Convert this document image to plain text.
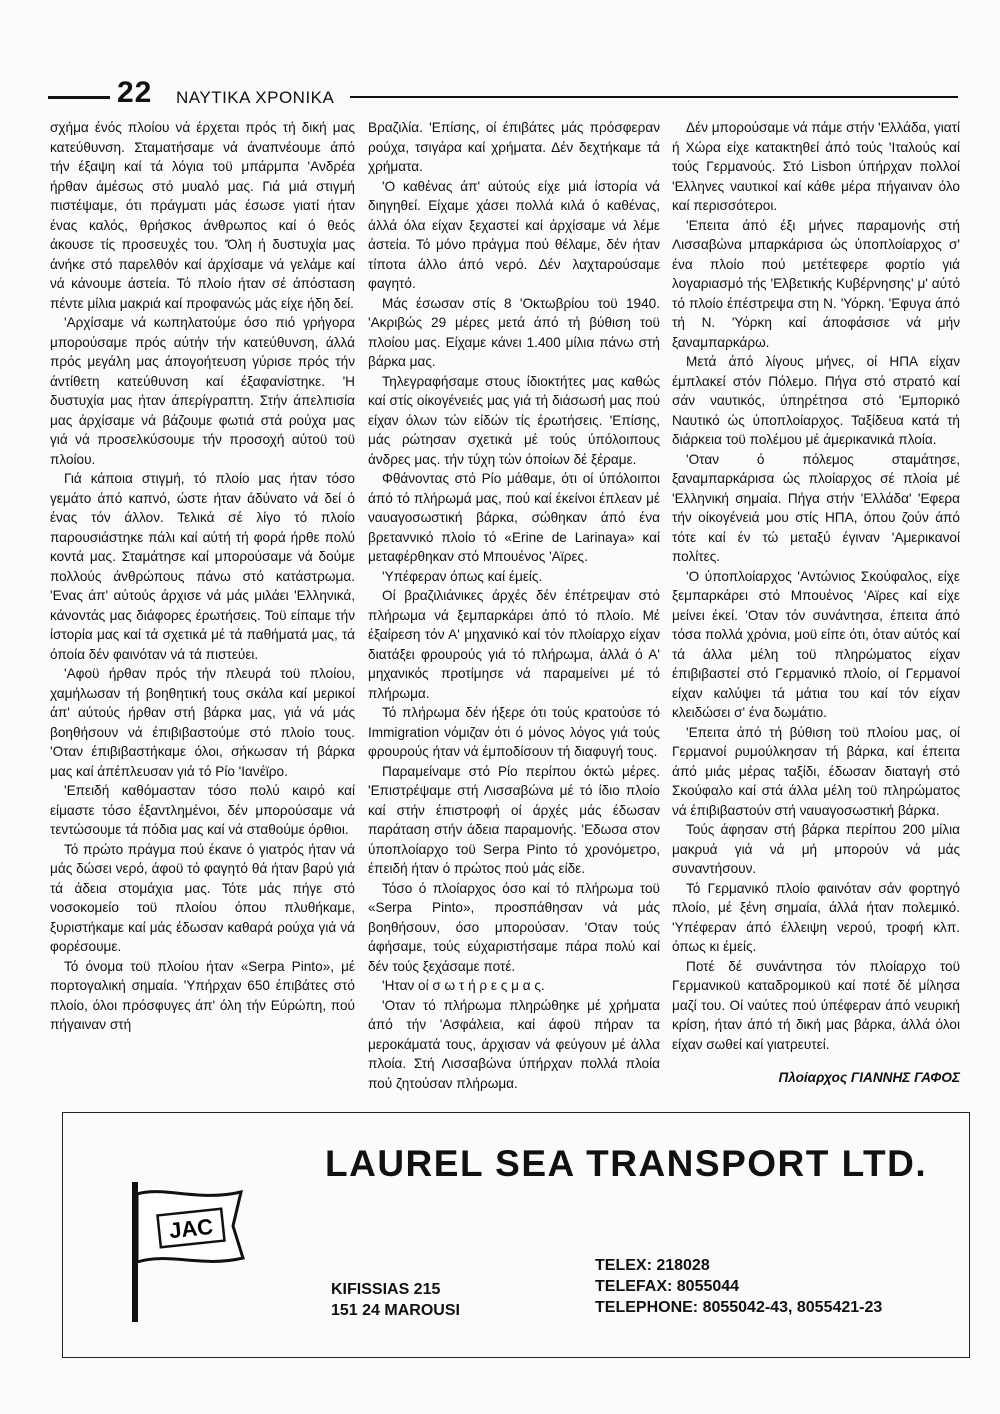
22 ΝΑΥΤΙΚΑ ΧΡΟΝΙΚΑ

σχήμα ένός πλοίου νά έρχεται πρός τή δική μας κατεύθυνση. Σταματήσαμε νά άναπνέουμε άπό τήν έξαψη καί τά λόγια τοϋ μπάρμπα 'Ανδρέα ήρθαν άμέσως στό μυαλό μας. Γιά μιά στιγμή πιστέψαμε, ότι πράγματι μάς έσωσε γιατί ήταν ένας καλός, θρήσκος άνθρωπος καί ό θεός άκουσε τίς προσευχές του. 'Όλη ή δυστυχία μας άνήκε στό παρελθόν καί άρχίσαμε νά γελάμε καί νά κάνουμε άστεία. Τό πλοίο ήταν σέ άπόσταση πέντε μίλια μακριά καί προφανώς μάς είχε ήδη δεί.

'Αρχίσαμε νά κωπηλατούμε όσο πιό γρήγορα μπορούσαμε πρός αύτήν τήν κατεύθυνση, άλλά πρός μεγάλη μας άπογοήτευση γύρισε πρός τήν άντίθετη κατεύθυνση καί έξαφανίστηκε. 'Η δυστυχία μας ήταν άπερίγραπτη. Στήν άπελπισία μας άρχίσαμε νά βάζουμε φωτιά στά ρούχα μας γιά νά προσελκύσουμε τήν προσοχή αύτοϋ τοϋ πλοίου.

Γιά κάποια στιγμή, τό πλοίο μας ήταν τόσο γεμάτο άπό καπνό, ώστε ήταν άδύνατο νά δεί ό ένας τόν άλλον. Τελικά σέ λίγο τό πλοίο παρουσιάστηκε πάλι καί αύτή τή φορά ήρθε πολύ κοντά μας. Σταμάτησε καί μπορούσαμε νά δούμε πολλούς άνθρώπους πάνω στό κατάστρωμα. 'Ενας άπ' αύτούς άρχισε νά μάς μιλάει 'Ελληνικά, κάνοντάς μας διάφορες έρωτήσεις. Τοϋ είπαμε τήν ίστορία μας καί τά σχετικά μέ τά παθήματά μας, τά όποία δέν φαινόταν νά τά πιστεύει.

'Αφοϋ ήρθαν πρός τήν πλευρά τοϋ πλοίου, χαμήλωσαν τή βοηθητική τους σκάλα καί μερικοί άπ' αύτούς ήρθαν στή βάρκα μας, γιά νά μάς βοηθήσουν νά έπιβιβαστούμε στό πλοίο τους. 'Οταν έπιβιβαστήκαμε όλοι, σήκωσαν τή βάρκα μας καί άπέπλευσαν γιά τό Ρίο 'Ιανέϊρο.

'Επειδή καθόμασταν τόσο πολύ καιρό καί είμαστε τόσο έξαντλημένοι, δέν μπορούσαμε νά τεντώσουμε τά πόδια μας καί νά σταθούμε όρθιοι.

Τό πρώτο πράγμα πού έκανε ό γιατρός ήταν νά μάς δώσει νερό, άφοϋ τό φαγητό θά ήταν βαρύ γιά τά άδεια στομάχια μας. Τότε μάς πήγε στό νοσοκομείο τοϋ πλοίου όπου πλυθήκαμε, ξυριστήκαμε καί μάς έδωσαν καθαρά ρούχα γιά νά φορέσουμε.

Τό όνομα τοϋ πλοίου ήταν «Serpa Pinto», μέ πορτογαλική σημαία. 'Υπήρχαν 650 έπιβάτες στό πλοίο, όλοι πρόσφυγες άπ' όλη τήν Εύρώπη, πού πήγαιναν στή

Βραζιλία. 'Επίσης, οί έπιβάτες μάς πρόσφεραν ρούχα, τσιγάρα καί χρήματα. Δέν δεχτήκαμε τά χρήματα.

'Ο καθένας άπ' αύτούς είχε μιά ίστορία νά διηγηθεί. Είχαμε χάσει πολλά κιλά ό καθένας, άλλά όλα είχαν ξεχαστεί καί άρχίσαμε νά λέμε άστεία. Τό μόνο πράγμα πού θέλαμε, δέν ήταν τίποτα άλλο άπό νερό. Δέν λαχταρούσαμε φαγητό.

Μάς έσωσαν στίς 8 'Οκτωβρίου τοϋ 1940. 'Ακριβώς 29 μέρες μετά άπό τή βύθιση τοϋ πλοίου μας. Είχαμε κάνει 1.400 μίλια πάνω στή βάρκα μας.

Τηλεγραφήσαμε στους ίδιοκτήτες μας καθώς καί στίς οίκογένειές μας γιά τή διάσωσή μας πού είχαν όλων τών είδών τίς έρωτήσεις. 'Επίσης, μάς ρώτησαν σχετικά μέ τούς ύπόλοιπους άνδρες μας. τήν τύχη τών όποίων δέ ξέραμε.

Φθάνοντας στό Ρίο μάθαμε, ότι οί ύπόλοιποι άπό τό πλήρωμά μας, πού καί έκείνοι έπλεαν μέ ναυαγοσωστική βάρκα, σώθηκαν άπό ένα βρεταννικό πλοίο τό «Erine de Larinaya» καί μεταφέρθηκαν στό Μπουένος 'Αϊρες.

'Υπέφεραν όπως καί έμείς.

Οί βραζιλιάνικες άρχές δέν έπέτρεψαν στό πλήρωμα νά ξεμπαρκάρει άπό τό πλοίο. Μέ έξαίρεση τόν Α' μηχανικό καί τόν πλοίαρχο είχαν διατάξει φρουρούς γιά τό πλήρωμα, άλλά ό Α' μηχανικός προτίμησε νά παραμείνει μέ τό πλήρωμα.

Τό πλήρωμα δέν ήξερε ότι τούς κρατούσε τό Immigration νόμιζαν ότι ό μόνος λόγος γιά τούς φρουρούς ήταν νά έμποδίσουν τή διαφυγή τους.

Παραμείναμε στό Ρίο περίπου όκτώ μέρες. 'Επιστρέψαμε στή Λισσαβώνα μέ τό ίδιο πλοίο καί στήν έπιστροφή οί άρχές μάς έδωσαν παράταση στήν άδεια παραμονής. 'Εδωσα στον ύποπλοίαρχο τοϋ Serpa Pinto τό χρονόμετρο, έπειδή ήταν ό πρώτος πού μάς είδε.

Τόσο ό πλοίαρχος όσο καί τό πλήρωμα τοϋ «Serpa Pinto», προσπάθησαν νά μάς βοηθήσουν, όσο μπορούσαν. 'Οταν τούς άφήσαμε, τούς εύχαριστήσαμε πάρα πολύ καί δέν τούς ξεχάσαμε ποτέ.

'Ηταν οί σ ω τ ή ρ ε ς μ α ς.

'Οταν τό πλήρωμα πληρώθηκε μέ χρήματα άπό τήν 'Ασφάλεια, καί άφοϋ πήραν τα μεροκάματά τους, άρχισαν νά φεύγουν μέ άλλα πλοία. Στή Λισσαβώνα ύπήρχαν πολλά πλοία πού ζητούσαν πλήρωμα.

Δέν μπορούσαμε νά πάμε στήν 'Ελλάδα, γιατί ή Χώρα είχε κατακτηθεί άπό τούς 'Ιταλούς καί τούς Γερμανούς. Στό Lisbon ύπήρχαν πολλοί 'Ελληνες ναυτικοί καί κάθε μέρα πήγαιναν όλο καί περισσότεροι.

'Επειτα άπό έξι μήνες παραμονής στή Λισσαβώνα μπαρκάρισα ώς ύποπλοίαρχος σ' ένα πλοίο πού μετέτεφερε φορτίο γιά λογαριασμό τής 'Ελβετικής Κυβέρνησης' μ' αύτό τό πλοίο έπέστρεψα στη Ν. 'Υόρκη. 'Εφυγα άπό τή Ν. 'Υόρκη καί άποφάσισε νά μήν ξαναμπαρκάρω.

Μετά άπό λίγους μήνες, οί ΗΠΑ είχαν έμπλακεί στόν Πόλεμο. Πήγα στό στρατό καί σάν ναυτικός, ύπηρέτησα στό 'Εμπορικό Ναυτικό ώς ύποπλοίαρχος. Ταξίδευα κατά τή διάρκεια τοϋ πολέμου μέ άμερικανικά πλοία.

'Οταν ό πόλεμος σταμάτησε, ξαναμπαρκάρισα ώς πλοίαρχος σέ πλοία μέ 'Ελληνική σημαία. Πήγα στήν 'Ελλάδα' 'Εφερα τήν οίκογένειά μου στίς ΗΠΑ, όπου ζούν άπό τότε καί έν τώ μεταξύ έγιναν 'Αμερικανοί πολίτες.

'Ο ύποπλοίαρχος 'Αντώνιος Σκούφαλος, είχε ξεμπαρκάρει στό Μπουένος 'Αϊρες καί είχε μείνει έκεί. 'Οταν τόν συνάντησα, έπειτα άπό τόσα πολλά χρόνια, μοϋ είπε ότι, όταν αύτός καί τά άλλα μέλη τοϋ πληρώματος είχαν έπιβιβαστεί στό Γερμανικό πλοίο, οί Γερμανοί είχαν καλύψει τά μάτια του καί τόν είχαν κλειδώσει σ' ένα δωμάτιο.

'Επειτα άπό τή βύθιση τοϋ πλοίου μας, οί Γερμανοί ρυμούλκησαν τή βάρκα, καί έπειτα άπό μιάς μέρας ταξίδι, έδωσαν διαταγή στό Σκούφαλο καί στά άλλα μέλη τοϋ πληρώματος νά έπιβιβαστούν στή ναυαγοσωστική βάρκα.

Τούς άφησαν στή βάρκα περίπου 200 μίλια μακρυά γιά νά μή μπορούν νά μάς συναντήσουν.

Τό Γερμανικό πλοίο φαινόταν σάν φορτηγό πλοίο, μέ ξένη σημαία, άλλά ήταν πολεμικό. 'Υπέφεραν άπό έλλειψη νερού, τροφή κλπ. όπως κι έμείς.

Ποτέ δέ συνάντησα τόν πλοίαρχο τοϋ Γερμανικοϋ καταδρομικοϋ καί ποτέ δέ μίλησα μαζί του. Οί ναύτες πού ύπέφεραν άπό νευρική κρίση, ήταν άπό τή δική μας βάρκα, άλλά όλοι είχαν σωθεί καί γιατρευτεί.

Πλοίαρχος ΓΙΑΝΝΗΣ ΓΑΦΟΣ

LAUREL SEA TRANSPORT LTD.
JAC
KIFISSIAS 215
151 24 MAROUSI
TELEX: 218028
TELEFAX: 8055044
TELEPHONE: 8055042-43, 8055421-23
